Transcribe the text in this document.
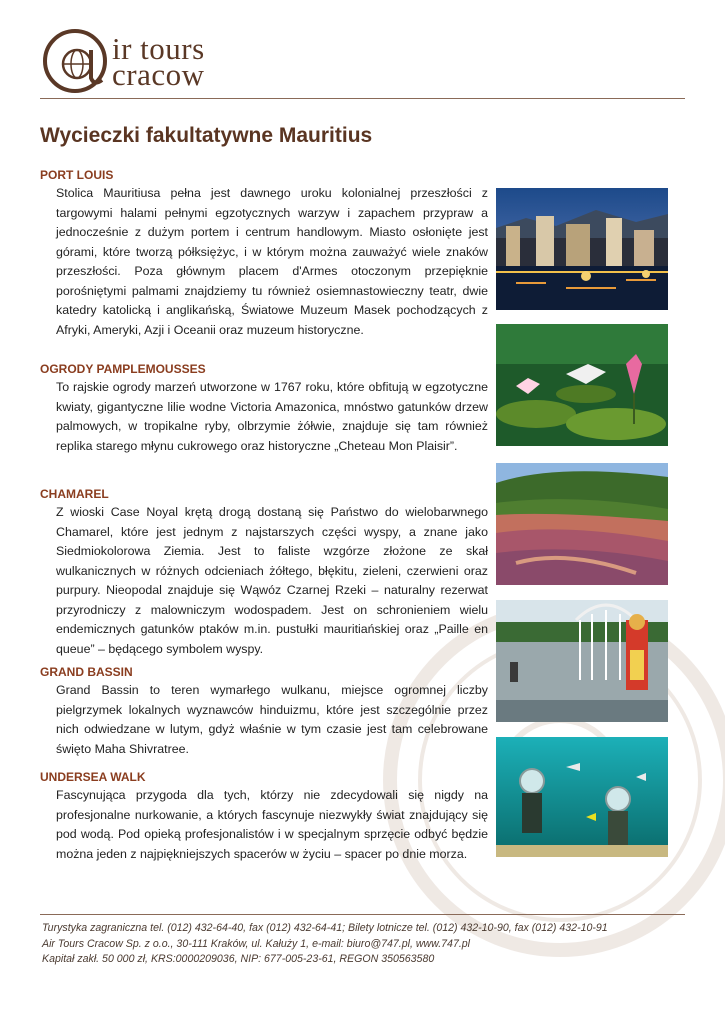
ir tours
cracow
Wycieczki fakultatywne Mauritius
PORT LOUIS

Stolica Mauritiusa pełna jest dawnego uroku kolonialnej przeszłości z targowymi halami pełnymi egzotycznych warzyw i zapachem przypraw a jednocześnie z dużym portem i centrum handlowym. Miasto osłonięte jest górami, które tworzą półksiężyc, i w którym można zauważyć wiele znaków przeszłości. Poza głównym placem d'Armes otoczonym przepięknie porośniętymi palmami znajdziemy tu również osiemnastowieczny teatr, dwie katedry katolicką i anglikańską, Światowe Muzeum Masek pochodzących z Afryki, Ameryki, Azji i Oceanii oraz muzeum historyczne.

OGRODY PAMPLEMOUSSES

To rajskie ogrody marzeń utworzone w 1767 roku, które obfitują w egzotyczne kwiaty, gigantyczne lilie wodne Victoria Amazonica, mnóstwo gatunków drzew palmowych, w tropikalne ryby, olbrzymie żółwie, znajduje się tam również replika starego młynu cukrowego oraz historyczne „Cheteau Mon Plaisir”.

CHAMAREL

Z wioski Case Noyal krętą drogą dostaną się Państwo do wielobarwnego Chamarel, które jest jednym z najstarszych części wyspy, a znane jako Siedmiokolorowa Ziemia. Jest to faliste wzgórze złożone ze skał wulkanicznych w różnych odcieniach żółtego, błękitu, zieleni, czerwieni oraz purpury. Nieopodal znajduje się Wąwóz Czarnej Rzeki – naturalny rezerwat przyrodniczy z malowniczym wodospadem. Jest on schronieniem wielu endemicznych gatunków ptaków m.in. pustułki mauritiańskiej oraz „Paille en queue” – będącego symbolem wyspy.

GRAND BASSIN

Grand Bassin to teren wymarłego wulkanu, miejsce ogromnej liczby pielgrzymek lokalnych wyznawców hinduizmu, które jest szczególnie przez nich odwiedzane w lutym, gdyż właśnie w tym czasie jest tam celebrowane święto Maha Shivratree.

UNDERSEA WALK

Fascynująca przygoda dla tych, którzy nie zdecydowali się nigdy na profesjonalne nurkowanie, a których fascynuje niezwykły świat znajdujący się pod wodą. Pod opieką profesjonalistów i w specjalnym sprzęcie odbyć będzie można jeden z najpiękniejszych spacerów w życiu – spacer po dnie morza.

Turystyka zagraniczna tel. (012) 432-64-40, fax (012) 432-64-41; Bilety lotnicze tel. (012) 432-10-90, fax (012) 432-10-91
Air Tours Cracow Sp. z o.o., 30-111 Kraków, ul. Kałuży 1, e-mail: biuro@747.pl, www.747.pl
Kapitał zakł. 50 000 zł, KRS:0000209036, NIP: 677-005-23-61, REGON 350563580
